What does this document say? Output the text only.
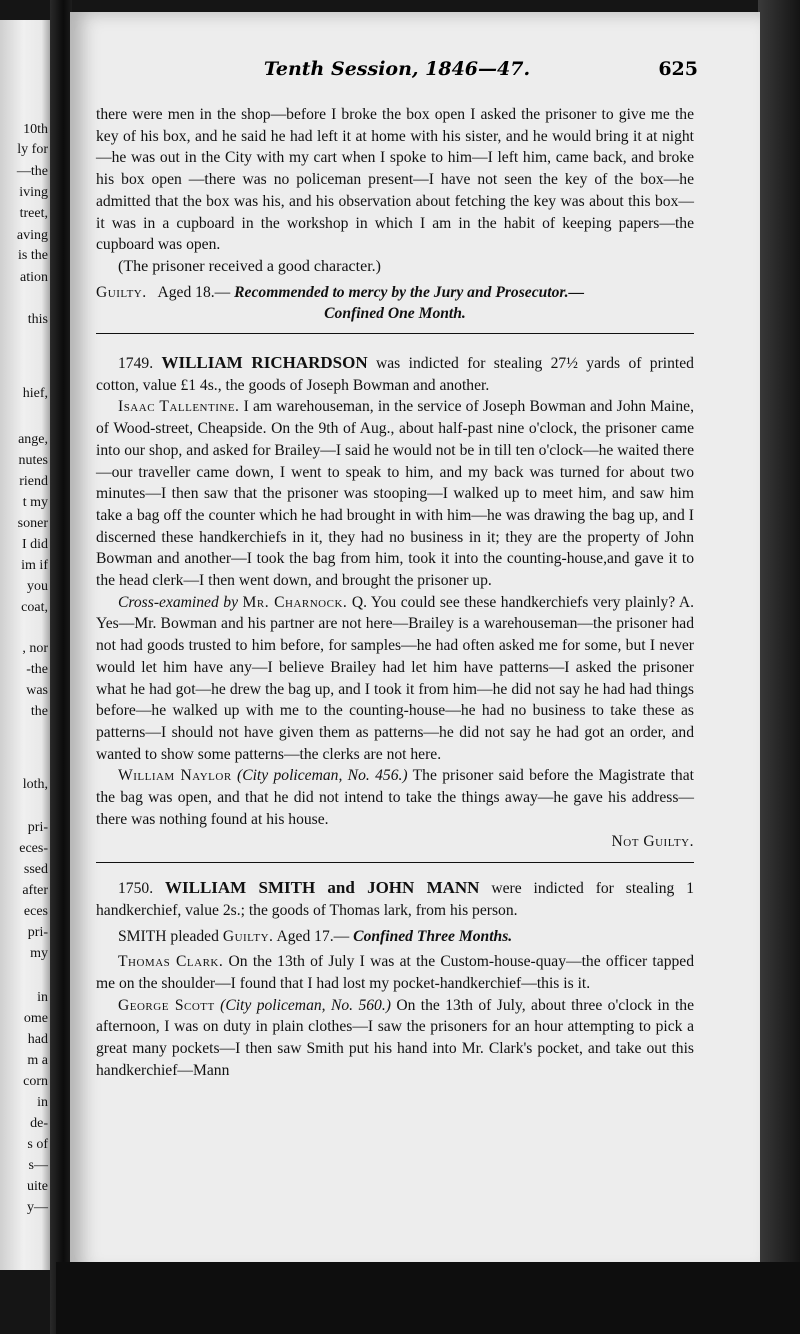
10th
ly for
—the
iving
treet,
aving
is the
ation
this
hief,
ange,
nutes
riend
t my
soner
I did
im if
you
coat,
, nor
-the
was
the
loth,
pri-
eces-
ssed
after
eces
pri-
my
in
ome
had
m a
corn
in
de-
s of
s—
uite
y—
Tenth Session, 1846—47.	625

there were men in the shop—before I broke the box open I asked the prisoner to give me the key of his box, and he said he had left it at home with his sister, and he would bring it at night—he was out in the City with my cart when I spoke to him—I left him, came back, and broke his box open —there was no policeman present—I have not seen the key of the box—he admitted that the box was his, and his observation about fetching the key was about this box—it was in a cupboard in the workshop in which I am in the habit of keeping papers—the cupboard was open.

(The prisoner received a good character.)

Guilty. Aged 18.— Recommended to mercy by the Jury and Prosecutor.—

Confined One Month.

1749. WILLIAM RICHARDSON was indicted for stealing 27½ yards of printed cotton, value £1 4s., the goods of Joseph Bowman and another.

Isaac Tallentine. I am warehouseman, in the service of Joseph Bowman and John Maine, of Wood-street, Cheapside. On the 9th of Aug., about half-past nine o'clock, the prisoner came into our shop, and asked for Brailey—I said he would not be in till ten o'clock—he waited there—our traveller came down, I went to speak to him, and my back was turned for about two minutes—I then saw that the prisoner was stooping—I walked up to meet him, and saw him take a bag off the counter which he had brought in with him—he was drawing the bag up, and I discerned these handkerchiefs in it, they had no business in it; they are the property of John Bowman and another—I took the bag from him, took it into the counting-house,and gave it to the head clerk—I then went down, and brought the prisoner up.

Cross-examined by Mr. Charnock. Q. You could see these handkerchiefs very plainly? A. Yes—Mr. Bowman and his partner are not here—Brailey is a warehouseman—the prisoner had not had goods trusted to him before, for samples—he had often asked me for some, but I never would let him have any—I believe Brailey had let him have patterns—I asked the prisoner what he had got—he drew the bag up, and I took it from him—he did not say he had had things before—he walked up with me to the counting-house—he had no business to take these as patterns—I should not have given them as patterns—he did not say he had got an order, and wanted to show some patterns—the clerks are not here.

William Naylor (City policeman, No. 456.) The prisoner said before the Magistrate that the bag was open, and that he did not intend to take the things away—he gave his address—there was nothing found at his house.

Not Guilty.

1750. WILLIAM SMITH and JOHN MANN were indicted for stealing 1 handkerchief, value 2s.; the goods of Thomas lark, from his person.

SMITH pleaded Guilty. Aged 17.— Confined Three Months.

Thomas Clark. On the 13th of July I was at the Custom-house-quay—the officer tapped me on the shoulder—I found that I had lost my pocket-handkerchief—this is it.

George Scott (City policeman, No. 560.) On the 13th of July, about three o'clock in the afternoon, I was on duty in plain clothes—I saw the prisoners for an hour attempting to pick a great many pockets—I then saw Smith put his hand into Mr. Clark's pocket, and take out this handkerchief—Mann
